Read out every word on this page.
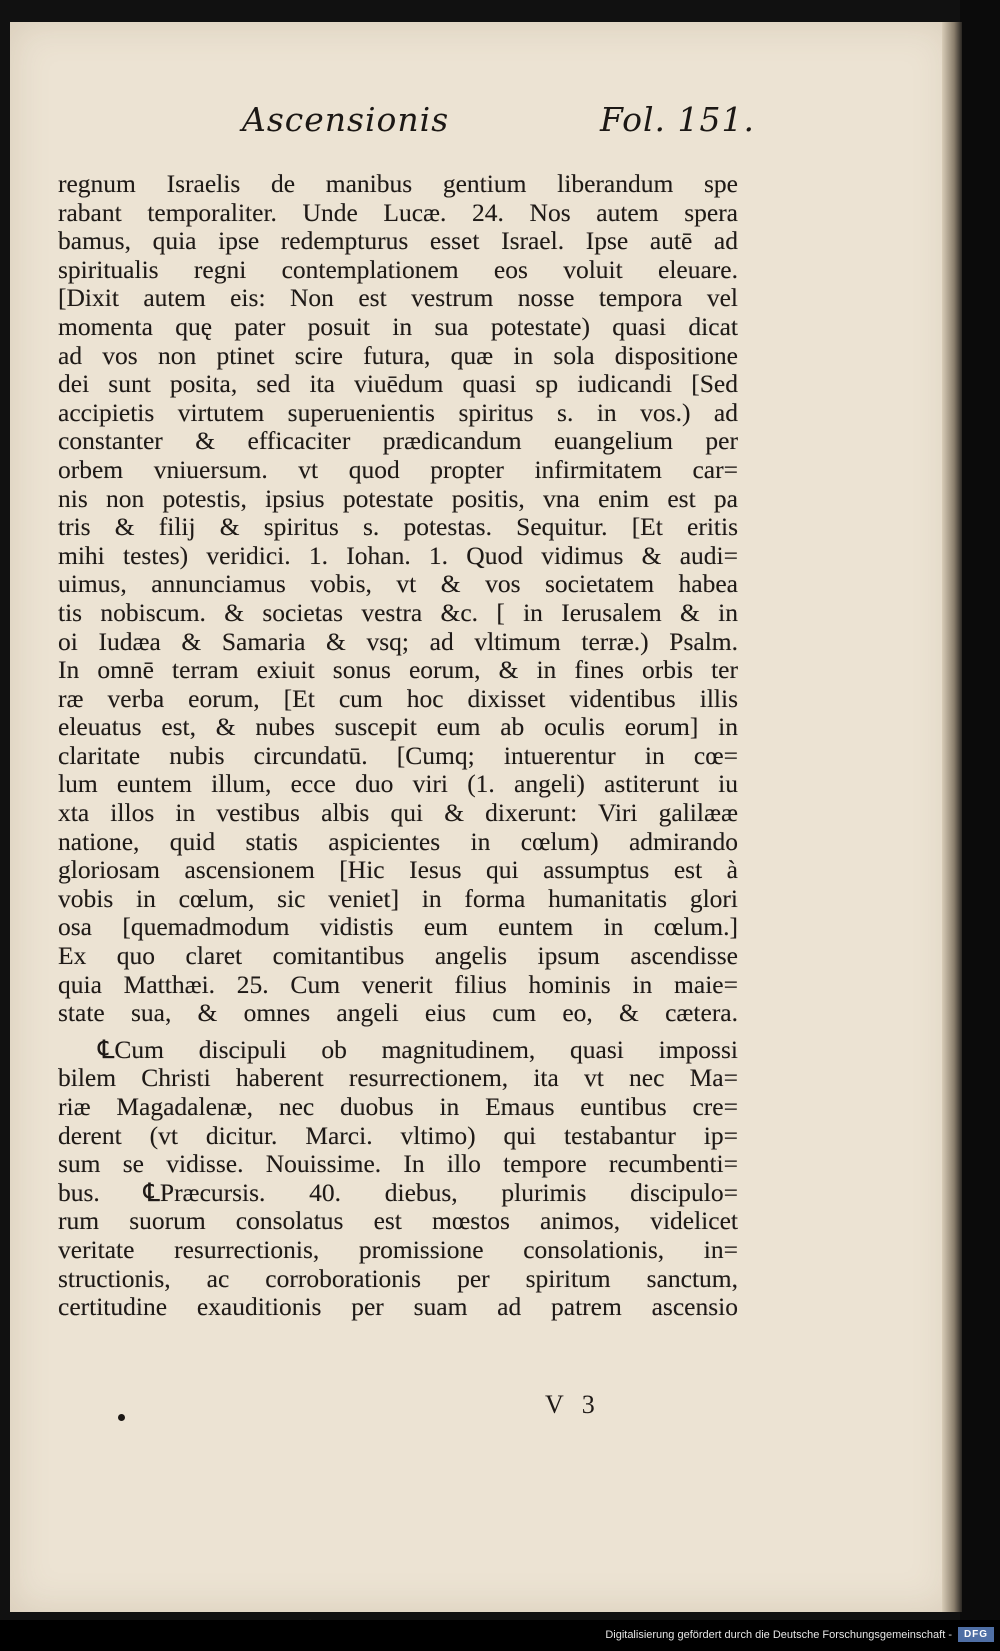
Ascensionis	Fol. 151.
regnum Israelis de manibus gentium liberandum spe
rabant temporaliter. Unde Lucæ. 24. Nos autem spera
bamus, quia ipse redempturus esset Israel. Ipse autē ad
spiritualis regni contemplationem eos voluit eleuare.
[Dixit autem eis: Non est vestrum nosse tempora vel
momenta quę pater posuit in sua potestate) quasi dicat
ad vos non ptinet scire futura, quæ in sola dispositione
dei sunt posita, sed ita viuēdum quasi sp iudicandi [Sed
accipietis virtutem superuenientis spiritus s. in vos.) ad
constanter & efficaciter prædicandum euangelium per
orbem vniuersum. vt quod propter infirmitatem car=
nis non potestis, ipsius potestate positis, vna enim est pa
tris & filij & spiritus s. potestas. Sequitur. [Et eritis
mihi testes) veridici. 1. Iohan. 1. Quod vidimus & audi=
uimus, annunciamus vobis, vt & vos societatem habea
tis nobiscum. & societas vestra &c. [ in Ierusalem & in
oi Iudæa & Samaria & vsq; ad vltimum terræ.) Psalm.
In omnē terram exiuit sonus eorum, & in fines orbis ter
ræ verba eorum, [Et cum hoc dixisset videntibus illis
eleuatus est, & nubes suscepit eum ab oculis eorum] in
claritate nubis circundatū. [Cumq; intuerentur in cœ=
lum euntem illum, ecce duo viri (1. angeli) astiterunt iu
xta illos in vestibus albis qui & dixerunt: Viri galilææ
natione, quid statis aspicientes in cœlum) admirando
gloriosam ascensionem [Hic Iesus qui assumptus est à
vobis in cœlum, sic veniet] in forma humanitatis glori
osa [quemadmodum vidistis eum euntem in cœlum.]
Ex quo claret comitantibus angelis ipsum ascendisse
quia Matthæi. 25. Cum venerit filius hominis in maie=
state sua, & omnes angeli eius cum eo, & cætera.
℄Cum discipuli ob magnitudinem, quasi impossi
bilem Christi haberent resurrectionem, ita vt nec Ma=
riæ Magadalenæ, nec duobus in Emaus euntibus cre=
derent (vt dicitur. Marci. vltimo) qui testabantur ip=
sum se vidisse. Nouissime. In illo tempore recumbenti=
bus. ℄Præcursis. 40. diebus, plurimis discipulo=
rum suorum consolatus est mœstos animos, videlicet
veritate resurrectionis, promissione consolationis, in=
structionis, ac corroborationis per spiritum sanctum,
certitudine exauditionis per suam ad patrem ascensio
V 3
Digitalisierung gefördert durch die Deutsche Forschungsgemeinschaft -	DFG
